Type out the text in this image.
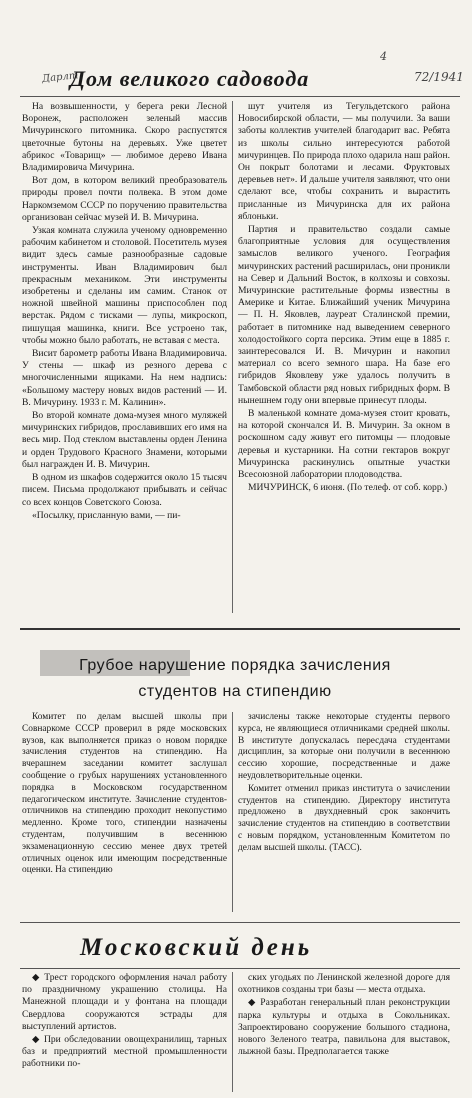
Дарлт	72/1941
4
Дом великого садовода

На возвышенности, у берега реки Лесной Воронеж, расположен зеленый массив Мичуринского питомника. Скоро распустятся цветочные бутоны на деревьях. Уже цветет абрикос «Товарищ» — любимое дерево Ивана Владимировича Мичурина.

Вот дом, в котором великий преобразователь природы провел почти полвека. В этом доме Наркомземом СССР по поручению правительства организован сейчас музей И. В. Мичурина.

Узкая комната служила ученому одновременно рабочим кабинетом и столовой. Посетитель музея видит здесь самые разнообразные садовые инструменты. Иван Владимирович был прекрасным механиком. Эти инструменты изобретены и сделаны им самим. Станок от ножной швейной машины приспособлен под верстак. Рядом с тисками — лупы, микроскоп, пишущая машинка, книги. Все устроено так, чтобы можно было работать, не вставая с места.

Висит барометр работы Ивана Владимировича. У стены — шкаф из резного дерева с многочисленными ящиками. На нем надпись: «Большому мастеру новых видов растений — И. В. Мичурину. 1933 г. М. Калинин».

Во второй комнате дома-музея много муляжей мичуринских гибридов, прославивших его имя на весь мир. Под стеклом выставлены орден Ленина и орден Трудового Красного Знамени, которыми был награжден И. В. Мичурин.

В одном из шкафов содержится около 15 тысяч писем. Письма продолжают прибывать и сейчас со всех концов Советского Союза.

«Посылку, присланную вами, — пи-

шут учителя из Тегульдетского района Новосибирской области, — мы получили. За ваши заботы коллектив учителей благодарит вас. Ребята из школы сильно интересуются работой мичуринцев. По природа плохо одарила наш район. Он покрыт болотами и лесами. Фруктовых деревьев нет». И дальше учителя заявляют, что они сделают все, чтобы сохранить и вырастить присланные из Мичуринска для их района яблоньки.

Партия и правительство создали самые благоприятные условия для осуществления замыслов великого ученого. География мичуринских растений расширилась, они проникли на Север и Дальний Восток, в колхозы и совхозы. Мичуринские растительные формы известны в Америке и Китае. Ближайший ученик Мичурина — П. Н. Яковлев, лауреат Сталинской премии, работает в питомнике над выведением северного холодостойкого сорта персика. Этим еще в 1885 г. заинтересовался И. В. Мичурин и накопил материал со всего земного шара. На базе его гибридов Яковлеву уже удалось получить в Тамбовской области ряд новых гибридных форм. В нынешнем году они впервые принесут плоды.

В маленькой комнате дома-музея стоит кровать, на которой скончался И. В. Мичурин. За окном в роскошном саду живут его питомцы — плодовые деревья и кустарники. На сотни гектаров вокруг Мичуринска раскинулись опытные участки Всесоюзной лаборатории плодоводства.

МИЧУРИНСК, 6 июня. (По телеф. от соб. корр.)

Грубое нарушение порядка зачисления
студентов на стипендию

Комитет по делам высшей школы при Совнаркоме СССР проверил в ряде московских вузов, как выполняется приказ о новом порядке зачисления студентов на стипендию. На вчерашнем заседании комитет заслушал сообщение о грубых нарушениях установленного порядка в Московском государственном педагогическом институте. Зачисление студентов-отличников на стипендию проходит некопустимо медленно. Кроме того, стипендии назначены студентам, получившим в весеннюю экзаменационную сессию менее двух третей отличных оценок или имеющим посредственные оценки. На стипендию

зачислены также некоторые студенты первого курса, не являющиеся отличниками средней школы. В институте допускалась пересдача студентами дисциплин, за которые они получили в весеннюю сессию хорошие, посредственные и даже неудовлетворительные оценки.

Комитет отменил приказ института о зачислении студентов на стипендию. Директору института предложено в двухдневный срок закончить зачисление студентов на стипендию в соответствии с новым порядком, установленным Комитетом по делам высшей школы. (ТАСС).

Московский день

◆ Трест городского оформления начал работу по праздничному украшению столицы. На Манежной площади и у фонтана на площади Свердлова сооружаются эстрады для выступлений артистов.

◆ При обследовании овощехранилищ, тарных баз и предприятий местной промышленности работники по-

ских угодьях по Ленинской железной дороге для охотников созданы три базы — места отдыха.

◆ Разработан генеральный план реконструкции парка культуры и отдыха в Сокольниках. Запроектировано сооружение большого стадиона, нового Зеленого театра, павильона для выставок, лыжной базы. Предполагается также
